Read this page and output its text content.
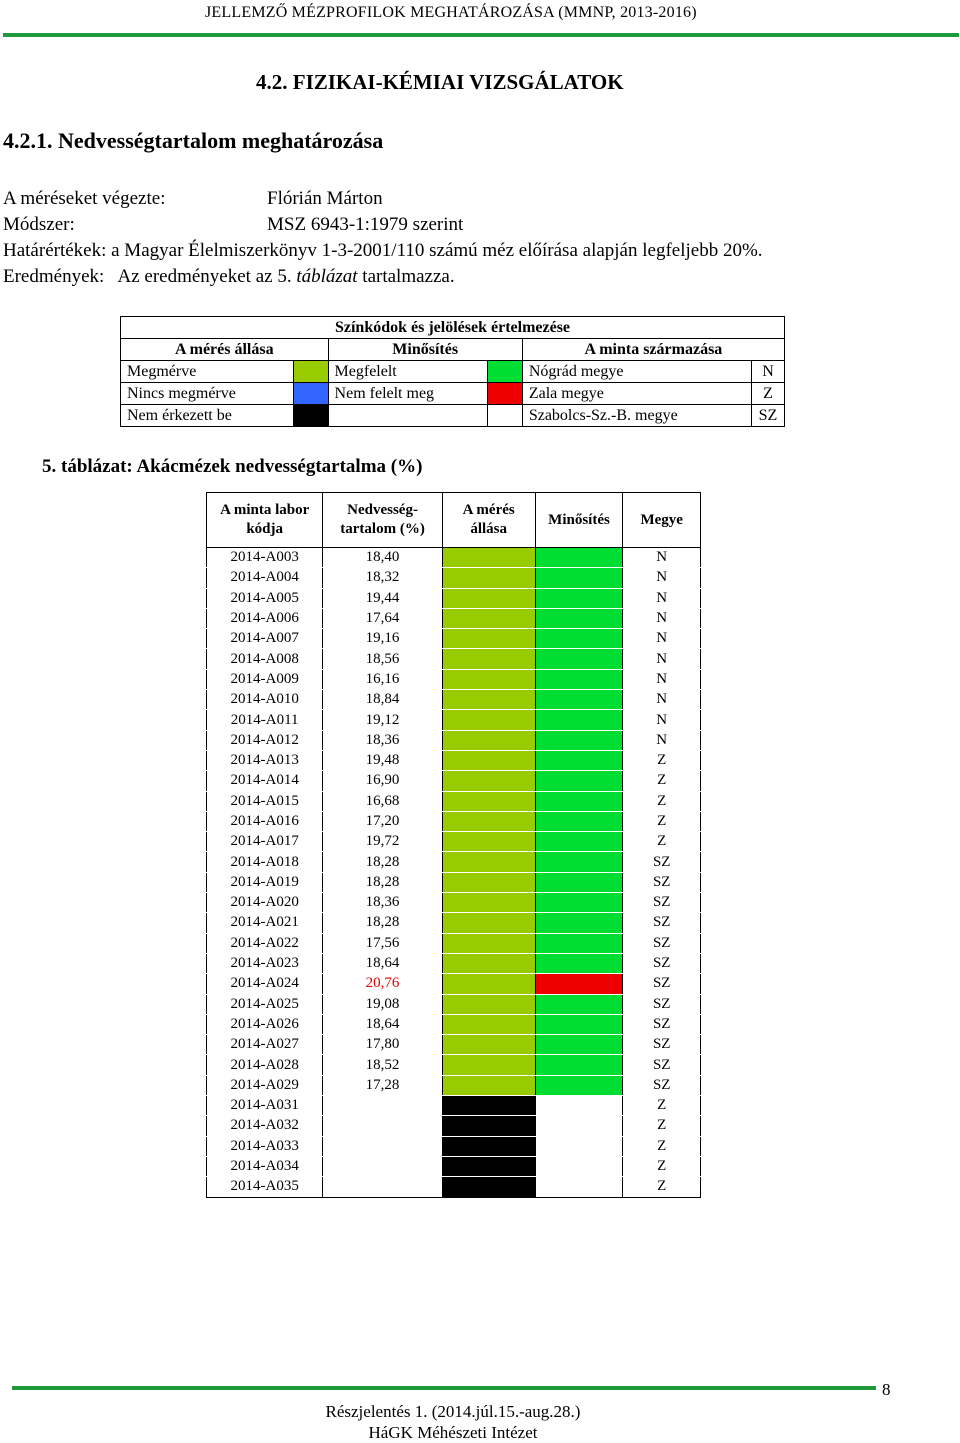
JELLEMZŐ MÉZPROFILOK MEGHATÁROZÁSA (MMNP, 2013-2016)
4.2. FIZIKAI-KÉMIAI VIZSGÁLATOK
4.2.1. Nedvességtartalom meghatározása
A méréseket végezte:	Flórián Márton
Módszer:	MSZ 6943-1:1979 szerint
Határértékek: a Magyar Élelmiszerkönyv 1-3-2001/110 számú méz előírása alapján legfeljebb 20%.
Eredmények:   Az eredményeket az 5. táblázat tartalmazza.
Színkódok és jelölések értelmezése					
A mérés állása		Minősítés		A minta származása	
Megmérve		Megfelelt		Nógrád megye	N
Nincs megmérve		Nem felelt meg		Zala megye	Z
Nem érkezett be				Szabolcs-Sz.-B. megye	SZ
5. táblázat: Akácmézek nedvességtartalma (%)
A minta labor kódja	Nedvesség-tartalom (%)	A mérés állása	Minősítés	Megye
2014-A003	18,40			N
2014-A004	18,32			N
2014-A005	19,44			N
2014-A006	17,64			N
2014-A007	19,16			N
2014-A008	18,56			N
2014-A009	16,16			N
2014-A010	18,84			N
2014-A011	19,12			N
2014-A012	18,36			N
2014-A013	19,48			Z
2014-A014	16,90			Z
2014-A015	16,68			Z
2014-A016	17,20			Z
2014-A017	19,72			Z
2014-A018	18,28			SZ
2014-A019	18,28			SZ
2014-A020	18,36			SZ
2014-A021	18,28			SZ
2014-A022	17,56			SZ
2014-A023	18,64			SZ
2014-A024	20,76			SZ
2014-A025	19,08			SZ
2014-A026	18,64			SZ
2014-A027	17,80			SZ
2014-A028	18,52			SZ
2014-A029	17,28			SZ
2014-A031				Z
2014-A032				Z
2014-A033				Z
2014-A034				Z
2014-A035				Z
8
Részjelentés 1. (2014.júl.15.-aug.28.)
HáGK Méhészeti Intézet
